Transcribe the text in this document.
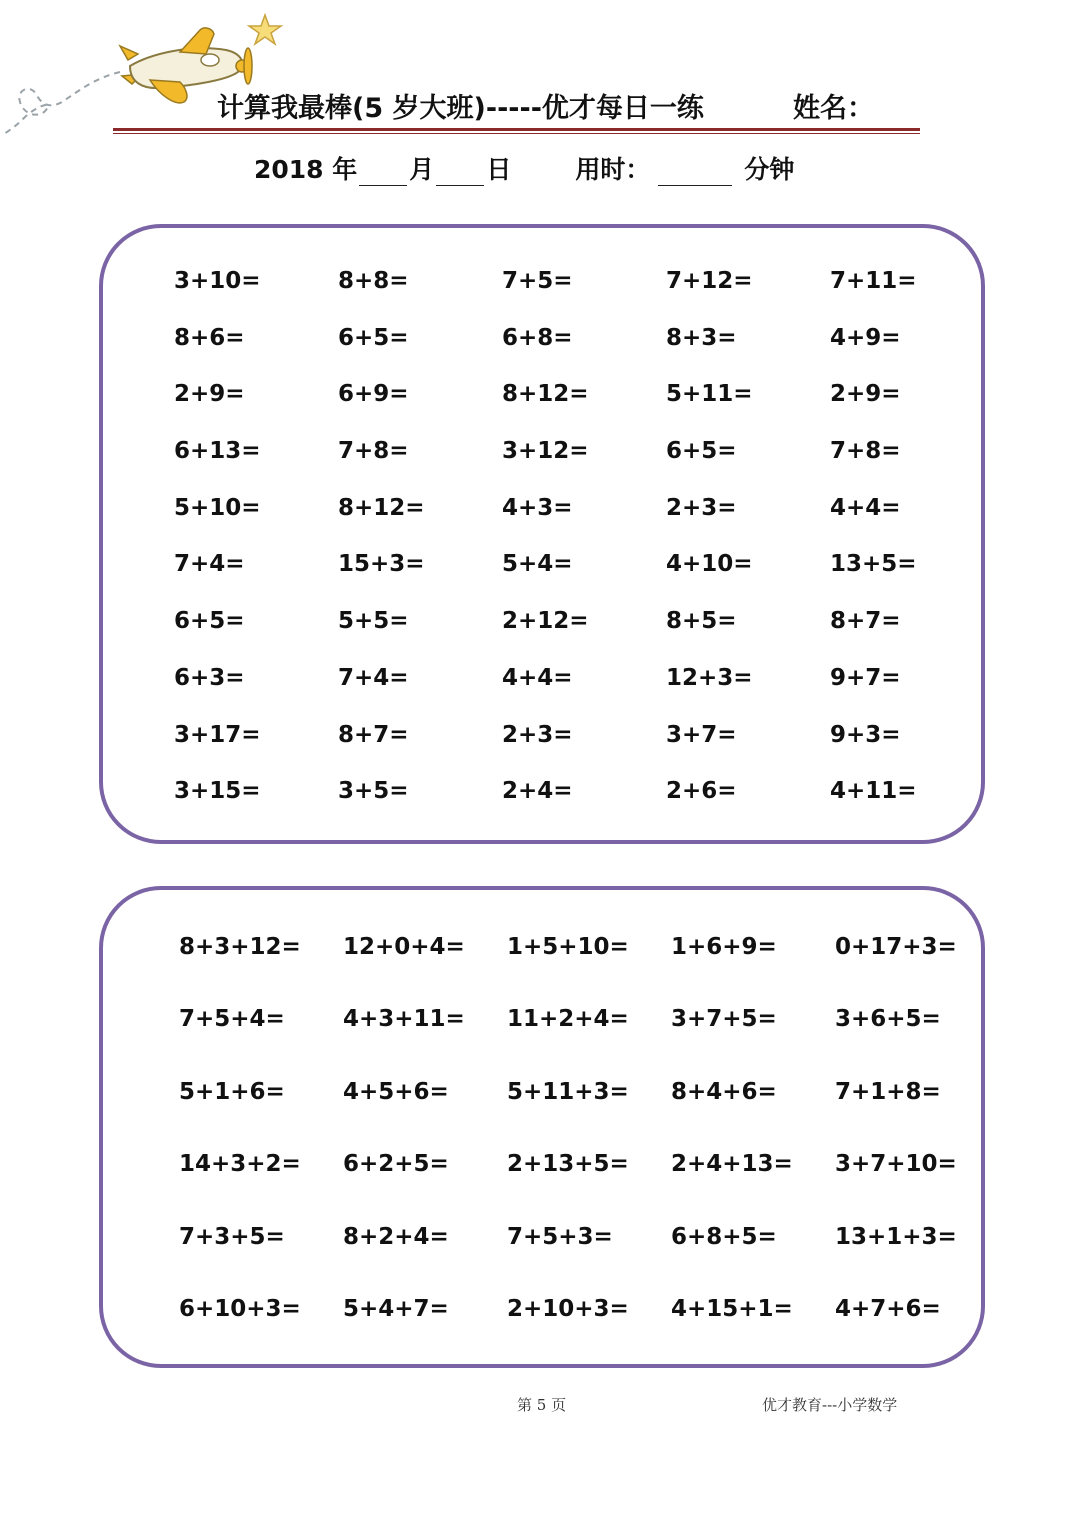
计算我最棒(5 岁大班)-----优才每日一练	姓名：
2018 年 月 日	用时：	分钟
3+10=	8+8=	7+5=	7+12=	7+11=
8+6=	6+5=	6+8=	8+3=	4+9=
2+9=	6+9=	8+12=	5+11=	2+9=
6+13=	7+8=	3+12=	6+5=	7+8=
5+10=	8+12=	4+3=	2+3=	4+4=
7+4=	15+3=	5+4=	4+10=	13+5=
6+5=	5+5=	2+12=	8+5=	8+7=
6+3=	7+4=	4+4=	12+3=	9+7=
3+17=	8+7=	2+3=	3+7=	9+3=
3+15=	3+5=	2+4=	2+6=	4+11=
8+3+12=	12+0+4=	1+5+10=	1+6+9=	0+17+3=
7+5+4=	4+3+11=	11+2+4=	3+7+5=	3+6+5=
5+1+6=	4+5+6=	5+11+3=	8+4+6=	7+1+8=
14+3+2=	6+2+5=	2+13+5=	2+4+13=	3+7+10=
7+3+5=	8+2+4=	7+5+3=	6+8+5=	13+1+3=
6+10+3=	5+4+7=	2+10+3=	4+15+1=	4+7+6=
第 5 页	优才教育---小学数学
